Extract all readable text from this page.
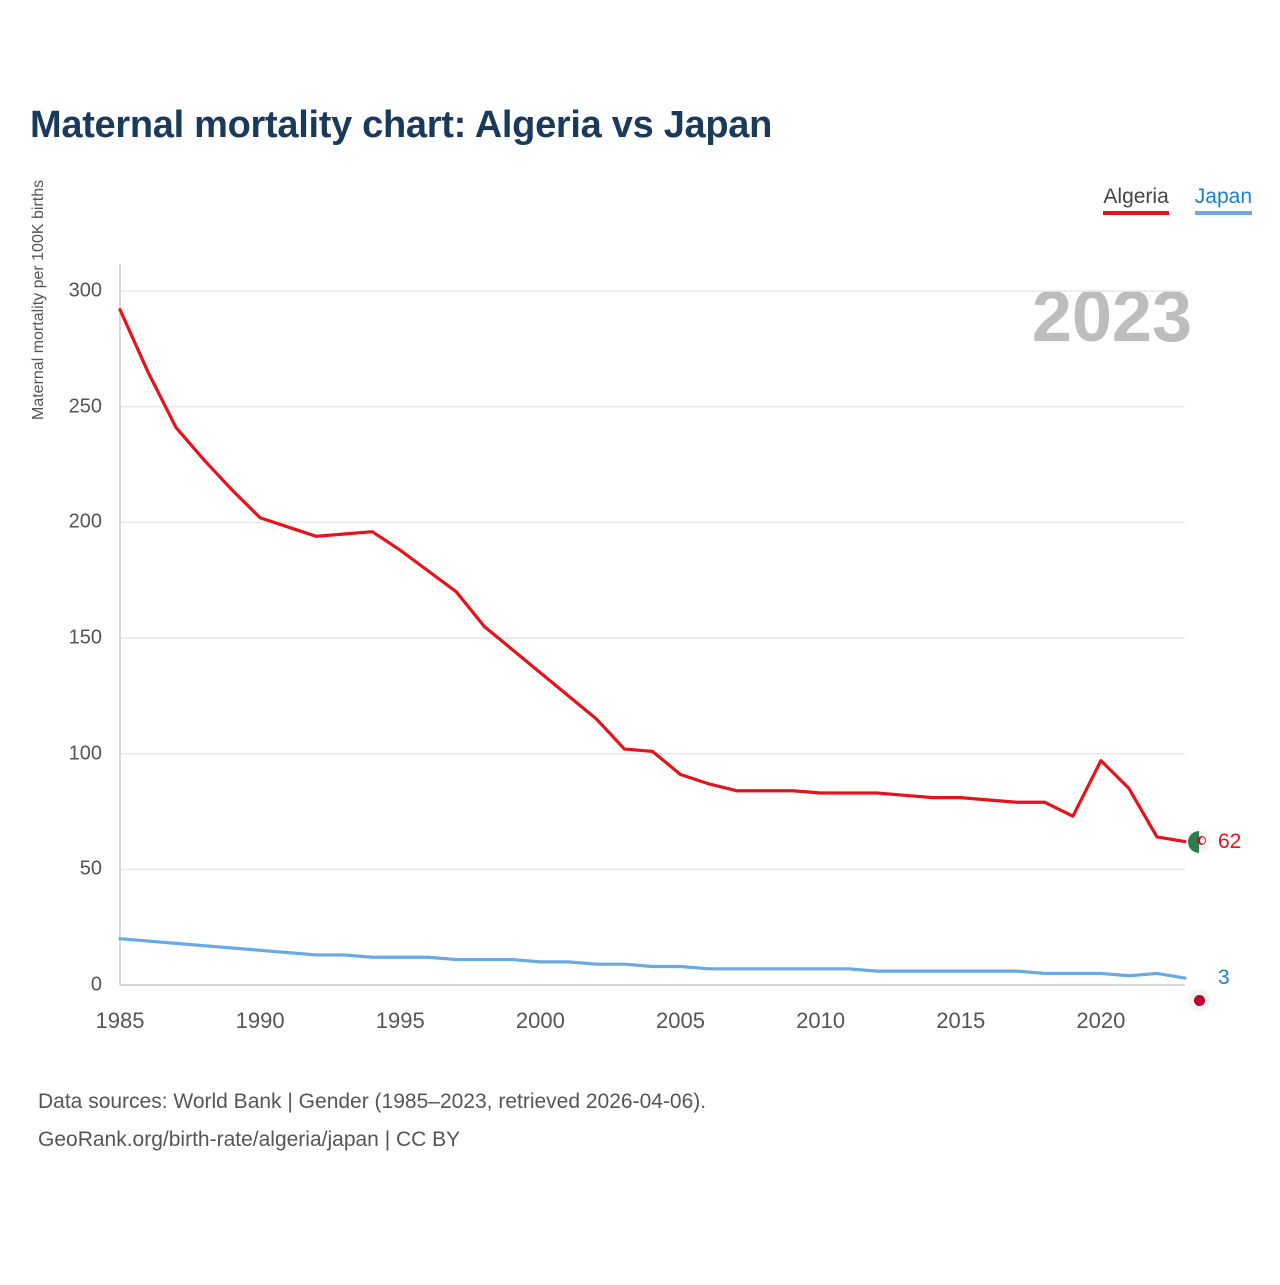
Maternal mortality chart: Algeria vs Japan
Algeria Japan
2023
Maternal mortality per 100K births
0
50
100
150
200
250
300
1985	1990	1995	2000	2005	2010	2015	2020
62
3
Data sources: World Bank | Gender (1985–2023, retrieved 2026-04-06).
GeoRank.org/birth-rate/algeria/japan | CC BY
